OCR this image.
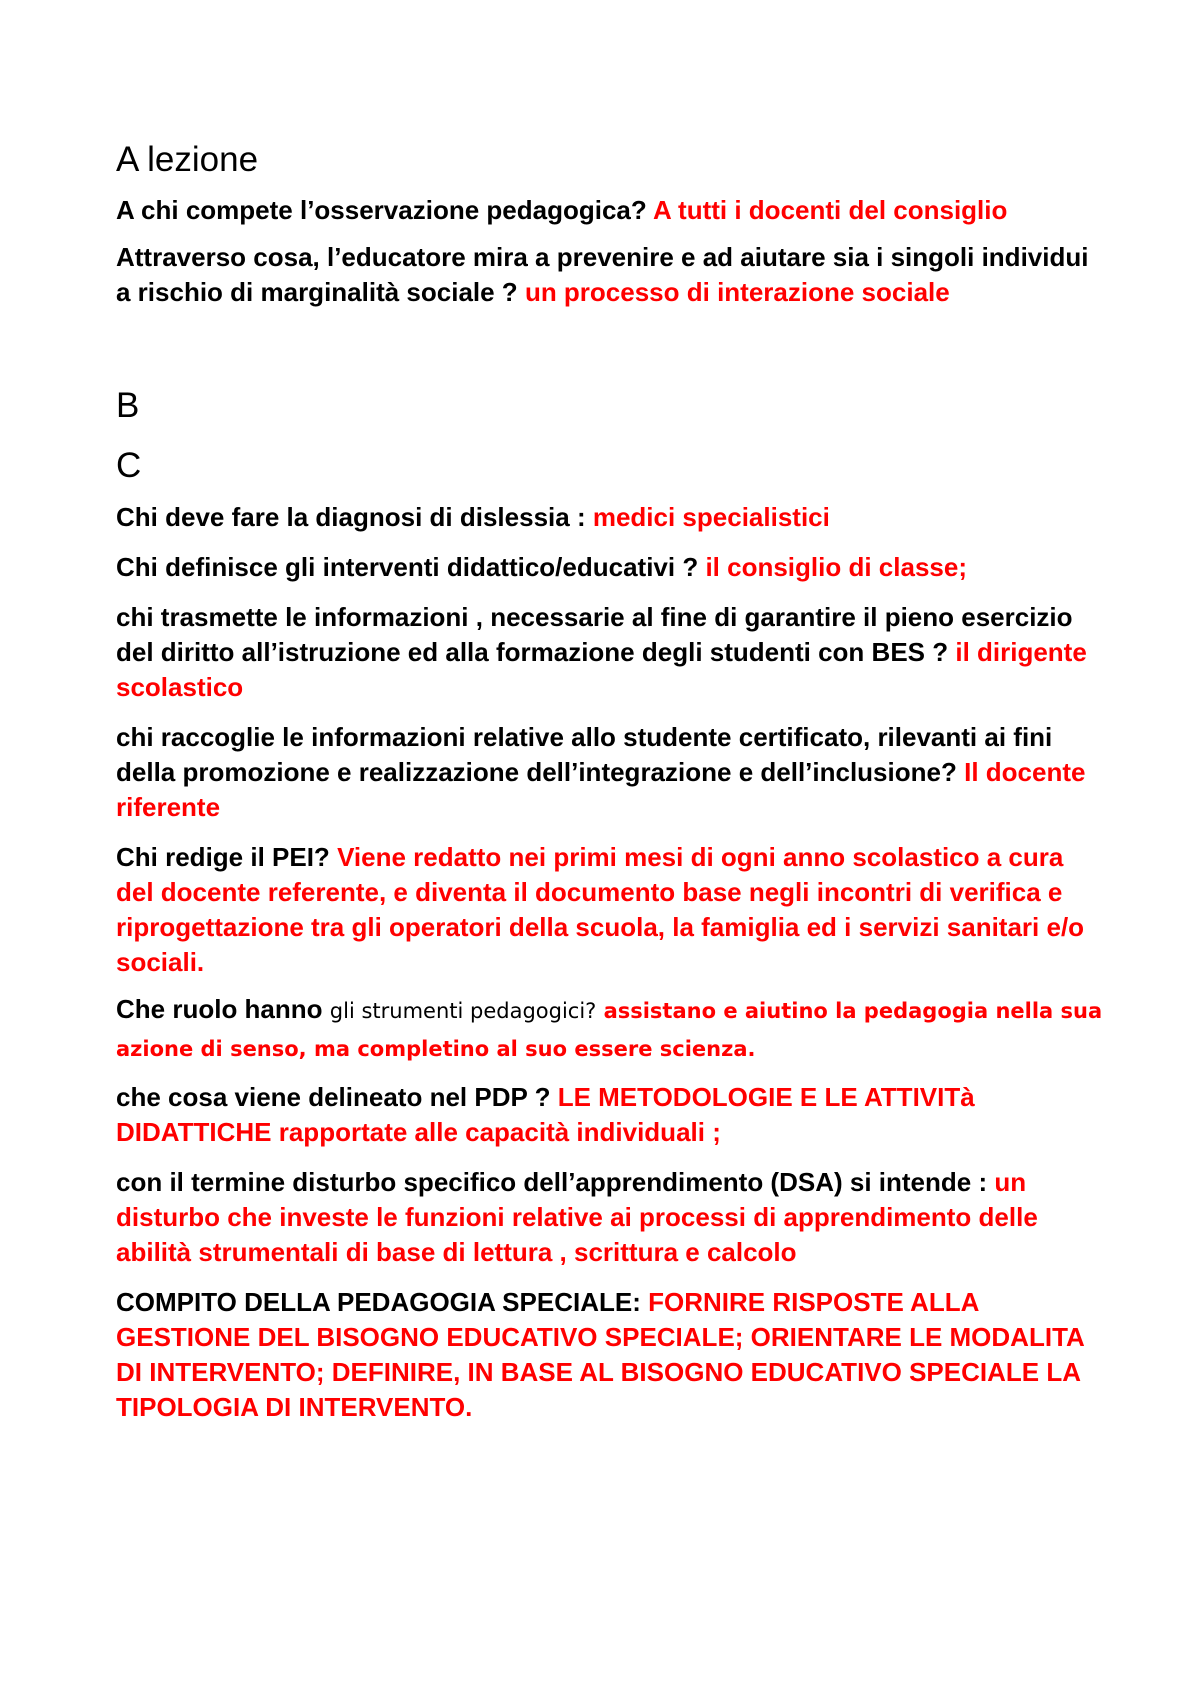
A lezione

A chi compete l’osservazione pedagogica? A tutti i docenti del consiglio

Attraverso cosa, l’educatore mira a prevenire e ad aiutare sia i singoli individui a rischio di marginalità sociale ? un processo di interazione sociale

B

C

Chi deve fare la diagnosi di dislessia : medici specialistici

Chi definisce gli interventi didattico/educativi ? il consiglio di classe;

chi trasmette le informazioni , necessarie al fine di garantire il pieno esercizio del diritto all’istruzione ed alla formazione degli studenti con BES ? il dirigente scolastico

chi raccoglie le informazioni relative allo studente certificato, rilevanti ai fini della promozione e realizzazione dell’integrazione e dell’inclusione? Il docente riferente

Chi redige il PEI? Viene redatto nei primi mesi di ogni anno scolastico a cura del docente referente, e diventa il documento base negli incontri di verifica e riprogettazione tra gli operatori della scuola, la famiglia ed i servizi sanitari e/o sociali.

Che ruolo hanno gli strumenti pedagogici? assistano e aiutino la pedagogia nella sua azione di senso, ma completino al suo essere scienza.

che cosa viene delineato nel PDP ? LE METODOLOGIE E LE ATTIVITà DIDATTICHE rapportate alle capacità individuali ;

con il termine disturbo specifico dell’apprendimento (DSA) si intende : un disturbo che investe le funzioni relative ai processi di apprendimento delle abilità strumentali di base di lettura , scrittura e calcolo

COMPITO DELLA PEDAGOGIA SPECIALE: FORNIRE RISPOSTE ALLA GESTIONE DEL BISOGNO EDUCATIVO SPECIALE; ORIENTARE LE MODALITA DI INTERVENTO; DEFINIRE, IN BASE AL BISOGNO EDUCATIVO SPECIALE LA TIPOLOGIA DI INTERVENTO.
